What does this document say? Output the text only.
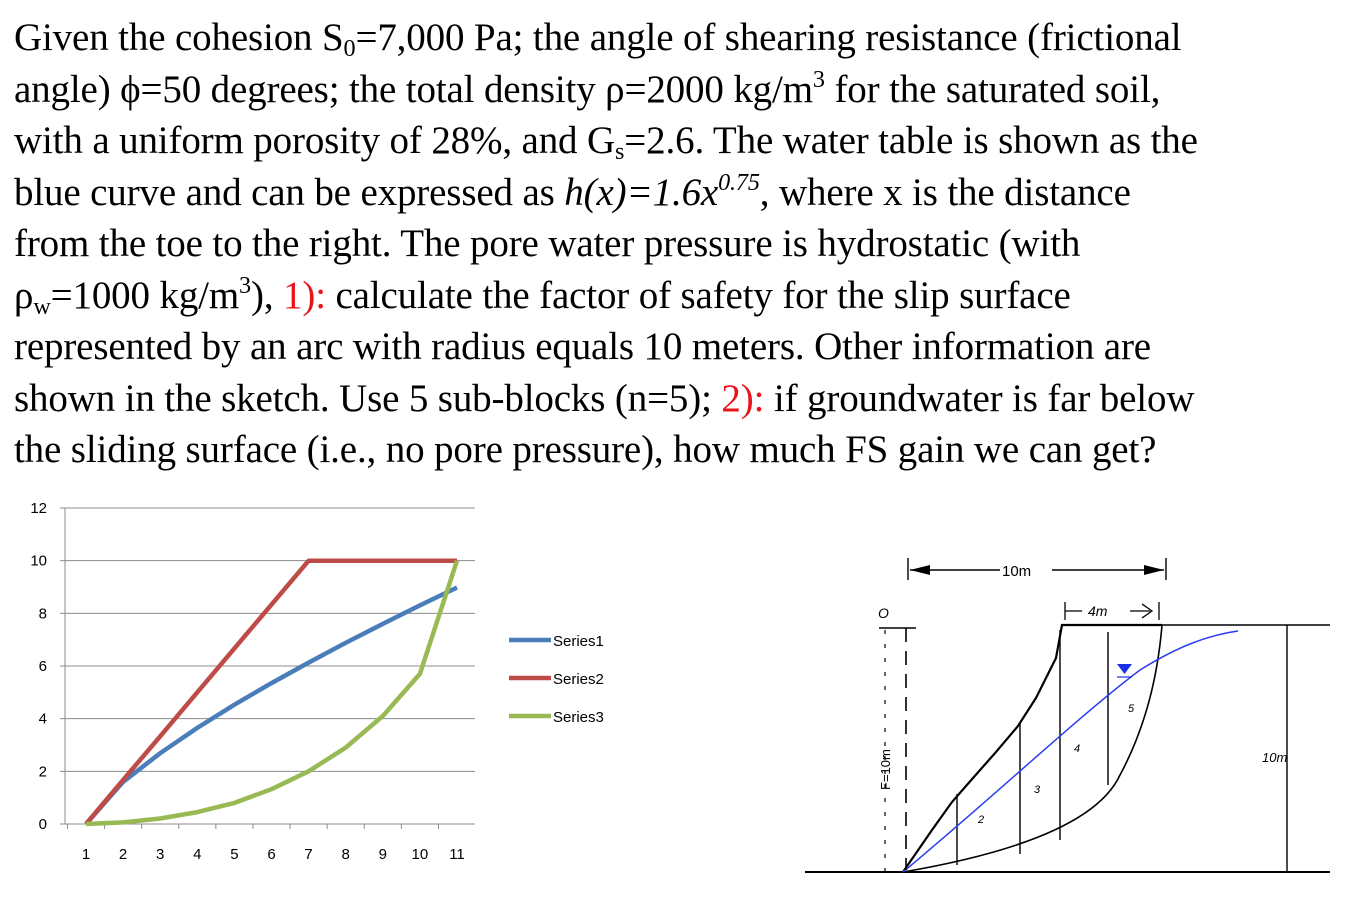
Given the cohesion $S_0=7,000$ Pa; the angle of shearing resistance (frictional
angle) ϕ=50 degrees; the total density ρ=2000 $kg/m^3$ for the saturated soil,
with a uniform porosity of 28%, and $G_s=2.6$. The water table is shown as the
blue curve and can be expressed as $h(x)=1.6x^{0.75}$, where x is the distance
from the toe to the right. The pore water pressure is hydrostatic (with
$\rho_w=1000$ $kg/m^3$), 1): calculate the factor of safety for the slip surface
represented by an arc with radius equals 10 meters. Other information are
shown in the sketch. Use 5 sub-blocks (n=5); 2): if groundwater is far below
the sliding surface (i.e., no pore pressure), how much FS gain we can get?
0
2
4
6
8
10
12
1 2 3 4 5 6 7 8 9 10 11
Series1
Series2
Series3
F=10m	10m
10m
4m
O
2
3
4
5
